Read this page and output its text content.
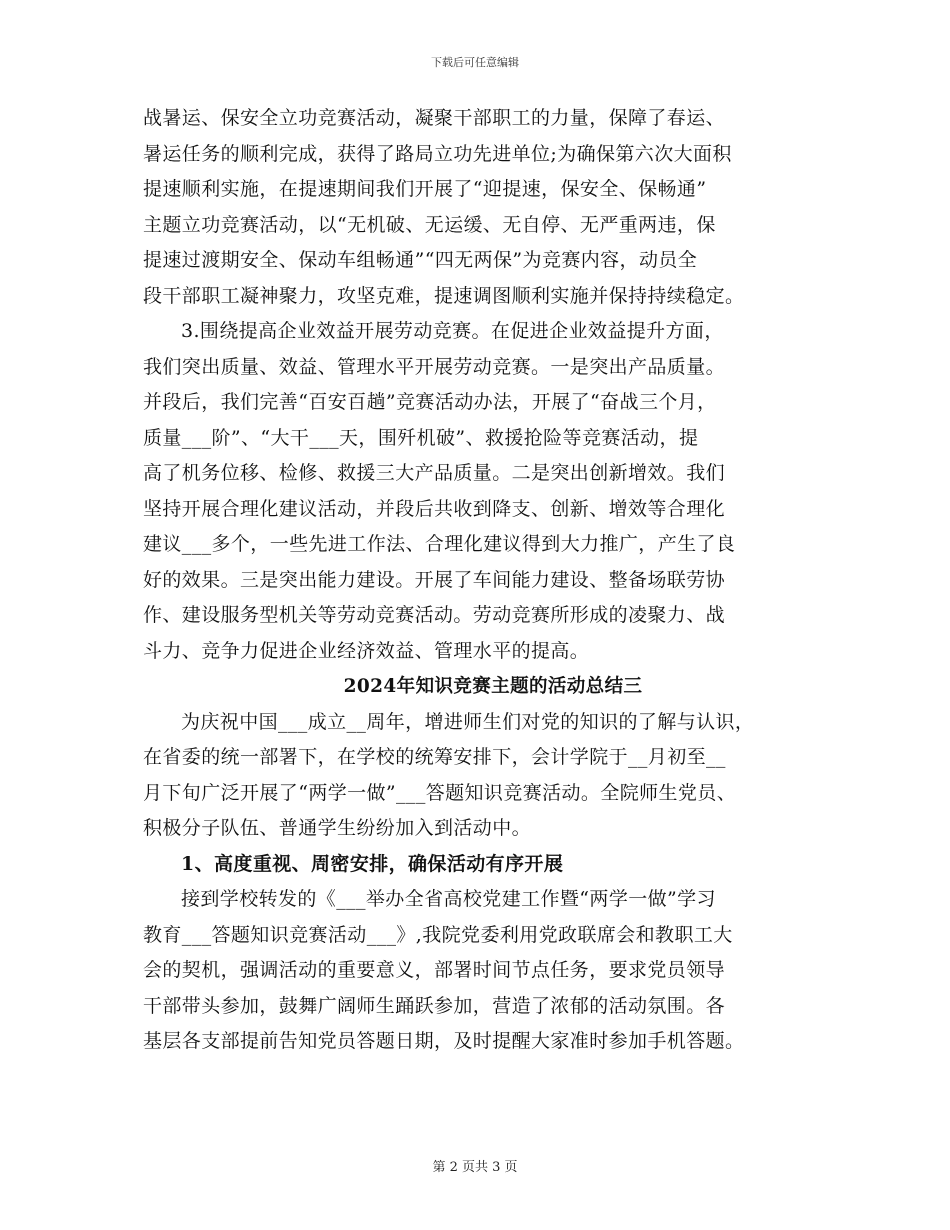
下载后可任意编辑
战暑运、保安全立功竞赛活动，凝聚干部职工的力量，保障了春运、
暑运任务的顺利完成，获得了路局立功先进单位;为确保第六次大面积
提速顺利实施，在提速期间我们开展了“迎提速，保安全、保畅通”
主题立功竞赛活动，以“无机破、无运缓、无自停、无严重两违，保
提速过渡期安全、保动车组畅通”“四无两保”为竞赛内容，动员全
段干部职工凝神聚力，攻坚克难，提速调图顺利实施并保持持续稳定。
3.围绕提高企业效益开展劳动竞赛。在促进企业效益提升方面，
我们突出质量、效益、管理水平开展劳动竞赛。一是突出产品质量。
并段后，我们完善“百安百趟”竞赛活动办法，开展了“奋战三个月，
质量___阶”、“大干___天，围歼机破”、救援抢险等竞赛活动，提
高了机务位移、检修、救援三大产品质量。二是突出创新增效。我们
坚持开展合理化建议活动，并段后共收到降支、创新、增效等合理化
建议___多个，一些先进工作法、合理化建议得到大力推广，产生了良
好的效果。三是突出能力建设。开展了车间能力建设、整备场联劳协
作、建设服务型机关等劳动竞赛活动。劳动竞赛所形成的凌聚力、战
斗力、竞争力促进企业经济效益、管理水平的提高。
2024年知识竞赛主题的活动总结三
为庆祝中国___成立__周年，增进师生们对党的知识的了解与认识，
在省委的统一部署下，在学校的统筹安排下，会计学院于__月初至__
月下旬广泛开展了“两学一做”___答题知识竞赛活动。全院师生党员、
积极分子队伍、普通学生纷纷加入到活动中。
1、高度重视、周密安排，确保活动有序开展
接到学校转发的《___举办全省高校党建工作暨“两学一做”学习
教育___答题知识竞赛活动___》,我院党委利用党政联席会和教职工大
会的契机，强调活动的重要意义，部署时间节点任务，要求党员领导
干部带头参加，鼓舞广阔师生踊跃参加，营造了浓郁的活动氛围。各
基层各支部提前告知党员答题日期，及时提醒大家准时参加手机答题。
第 2 页共 3 页
